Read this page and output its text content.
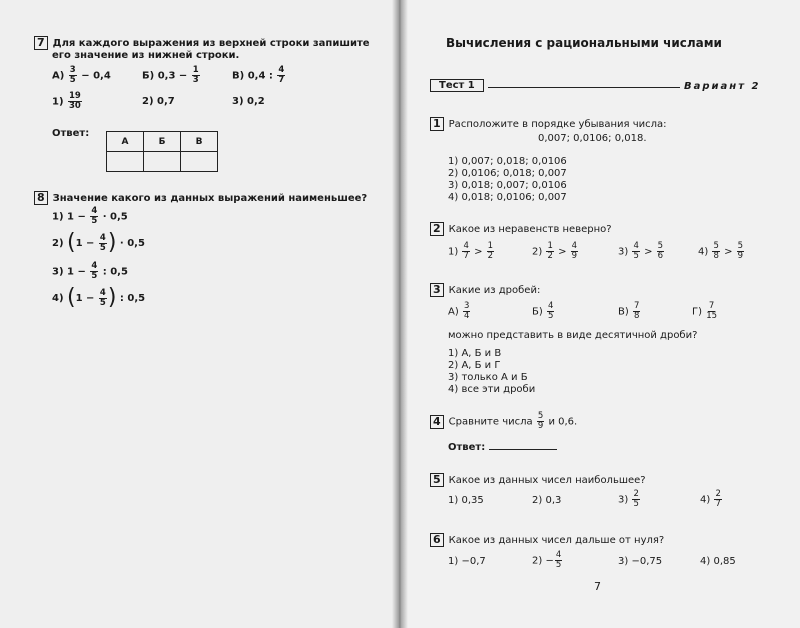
7 Для каждого выражения из верхней строки запишите
его значение из нижней строки.
$А) \frac{3}{5} - 0,4$	Б) $0,3 - \frac{1}{3}$	В) 0,4 : $\frac{4}{7}$
$1) \frac{19}{30}$	2) 0,7	3) 0,2
Ответ:
А	Б	В

8 Значение какого из данных выражений наименьшее?
1) $1 - \frac{4}{5} \cdot 0,5$
2) ($1 - \frac{4}{5}$ ) · 0,5
3) $1 - \frac{4}{5}$ : 0,5
4) ($1 - \frac{4}{5}$ ) : 0,5
Вычисления с рациональными числами
Тест 1	Вариант 2
1 Расположите в порядке убывания числа:
0,007; 0,0106; 0,018.
1) 0,007; 0,018; 0,0106
2) 0,0106; 0,018; 0,007
3) 0,018; 0,007; 0,0106
4) 0,018; 0,0106; 0,007
2 Какое из неравенств неверно?
$1) \frac{4}{7} > \frac{1}{2}$	$2) \frac{1}{2} > \frac{4}{9}$	$3) \frac{4}{5} > \frac{5}{6}$	$4) \frac{5}{8} > \frac{5}{9}$
3 Какие из дробей:
$А) \frac{3}{4}$	$Б) \frac{4}{5}$	$В) \frac{7}{8}$	$Г) \frac{7}{15}$
можно представить в виде десятичной дроби?
1) А, Б и В
2) А, Б и Г
3) только А и Б
4) все эти дроби
4 Сравните числа $\frac{5}{9}$ и 0,6.
Ответ:
5 Какое из данных чисел наибольшее?
1) 0,35	2) 0,3	$3) \frac{2}{5}$	$4) \frac{2}{7}$
6 Какое из данных чисел дальше от нуля?
1) −0,7	$2) - \frac{4}{5}$	3) −0,75	4) 0,85
7
